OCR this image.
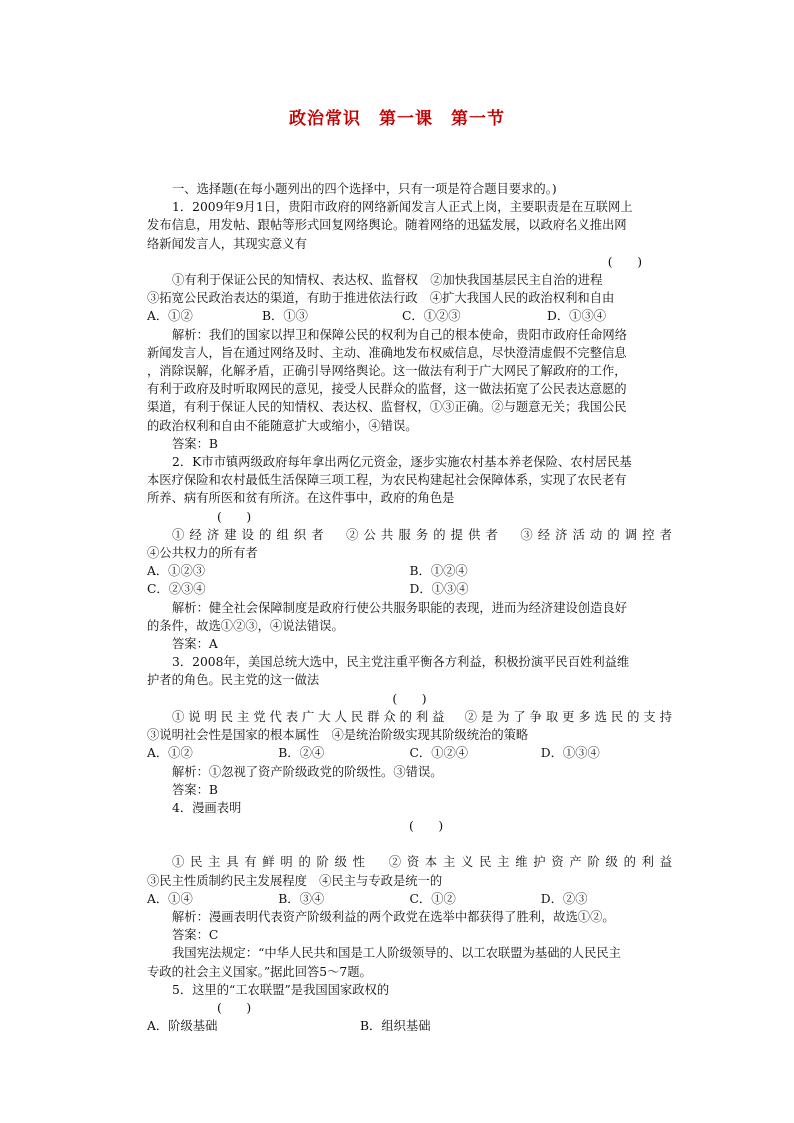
政治常识　第一课　第一节

一、选择题(在每小题列出的四个选择中，只有一项是符合题目要求的。)

1．2009年9月1日，贵阳市政府的网络新闻发言人正式上岗，主要职责是在互联网上

发布信息，用发帖、跟帖等形式回复网络舆论。随着网络的迅猛发展，以政府名义推出网

络新闻发言人，其现实意义有

(　　)

①有利于保证公民的知情权、表达权、监督权　②加快我国基层民主自治的进程

③拓宽公民政治表达的渠道，有助于推进依法行政　④扩大我国人民的政治权利和自由

A．①②	B．①③	C．①②③	D．①③④

解析：我们的国家以捍卫和保障公民的权利为自己的根本使命，贵阳市政府任命网络

新闻发言人，旨在通过网络及时、主动、准确地发布权威信息，尽快澄清虚假不完整信息

，消除误解，化解矛盾，正确引导网络舆论。这一做法有利于广大网民了解政府的工作，

有利于政府及时听取网民的意见，接受人民群众的监督，这一做法拓宽了公民表达意愿的

渠道，有利于保证人民的知情权、表达权、监督权，①③正确。②与题意无关；我国公民

的政治权利和自由不能随意扩大或缩小，④错误。

答案：B

2．K市市镇两级政府每年拿出两亿元资金，逐步实施农村基本养老保险、农村居民基

本医疗保险和农村最低生活保障三项工程，为农民构建起社会保障体系，实现了农民老有

所养、病有所医和贫有所济。在这件事中，政府的角色是

(　　)

①经济建设的组织者　②公共服务的提供者　③经济活动的调控者

④公共权力的所有者

A．①②③	B．①②④
C．②③④	D．①③④

解析：健全社会保障制度是政府行使公共服务职能的表现，进而为经济建设创造良好

的条件，故选①②③，④说法错误。

答案：A

3．2008年，美国总统大选中，民主党注重平衡各方利益，积极扮演平民百姓利益维

护者的角色。民主党的这一做法

(　　)

①说明民主党代表广大人民群众的利益　②是为了争取更多选民的支持

③说明社会性是国家的根本属性　④是统治阶级实现其阶级统治的策略

A．①②	B．②④	C．①②④	D．①③④

解析：①忽视了资产阶级政党的阶级性。③错误。

答案：B

4．漫画表明

(　　)

①民主具有鲜明的阶级性　②资本主义民主维护资产阶级的利益

③民主性质制约民主发展程度　④民主与专政是统一的

A．①④	B．③④	C．①②	D．②③

解析：漫画表明代表资产阶级利益的两个政党在选举中都获得了胜利，故选①②。

答案：C

我国宪法规定：“中华人民共和国是工人阶级领导的、以工农联盟为基础的人民民主

专政的社会主义国家。”据此回答5～7题。

5．这里的“工农联盟”是我国国家政权的

(　　)

A．阶级基础	B．组织基础
